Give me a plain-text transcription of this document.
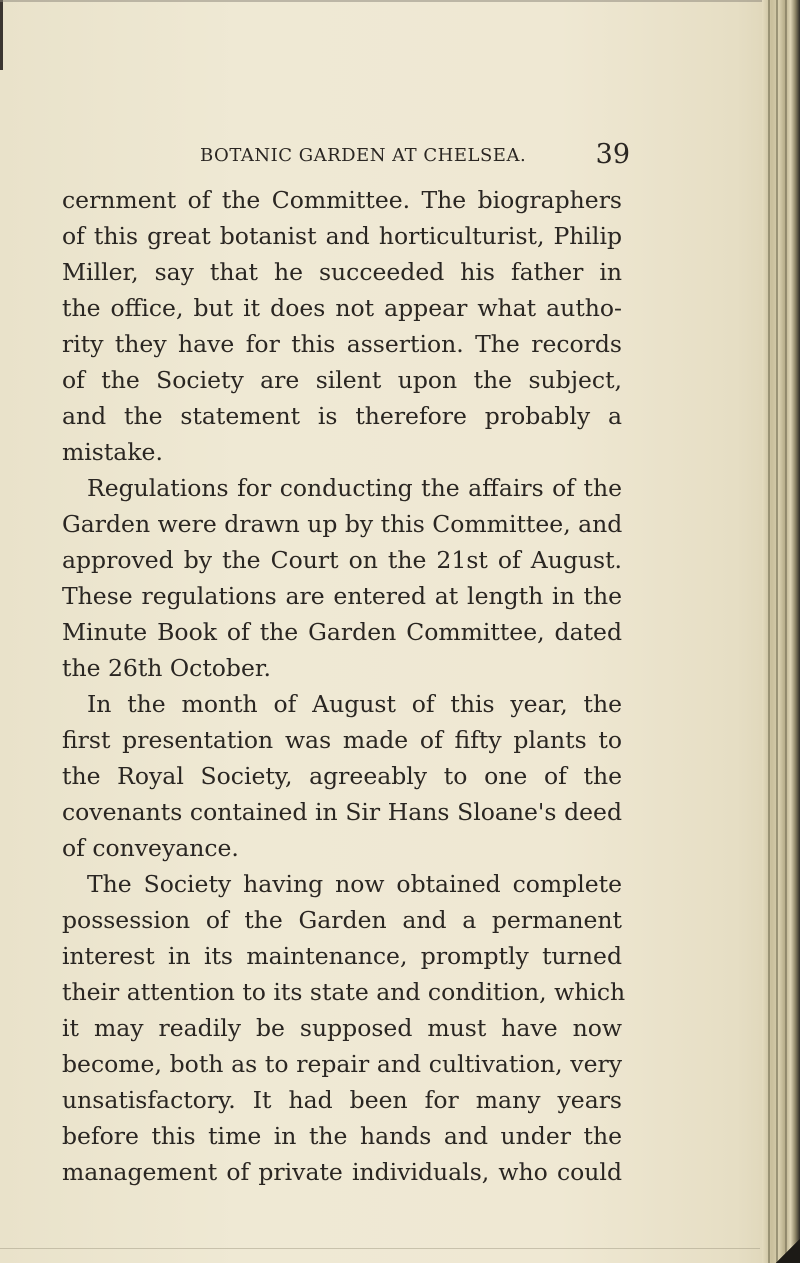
BOTANIC GARDEN AT CHELSEA.	39
cernment of the Committee. The biographers
of this great botanist and horticulturist, Philip
Miller, say that he succeeded his father in
the office, but it does not appear what autho-
rity they have for this assertion. The records
of the Society are silent upon the subject,
and the statement is therefore probably a
mistake.
Regulations for conducting the affairs of the
Garden were drawn up by this Committee, and
approved by the Court on the 21st of August.
These regulations are entered at length in the
Minute Book of the Garden Committee, dated
the 26th October.
In the month of August of this year, the
first presentation was made of fifty plants to
the Royal Society, agreeably to one of the
covenants contained in Sir Hans Sloane's deed
of conveyance.
The Society having now obtained complete
possession of the Garden and a permanent
interest in its maintenance, promptly turned
their attention to its state and condition, which
it may readily be supposed must have now
become, both as to repair and cultivation, very
unsatisfactory. It had been for many years
before this time in the hands and under the
management of private individuals, who could
